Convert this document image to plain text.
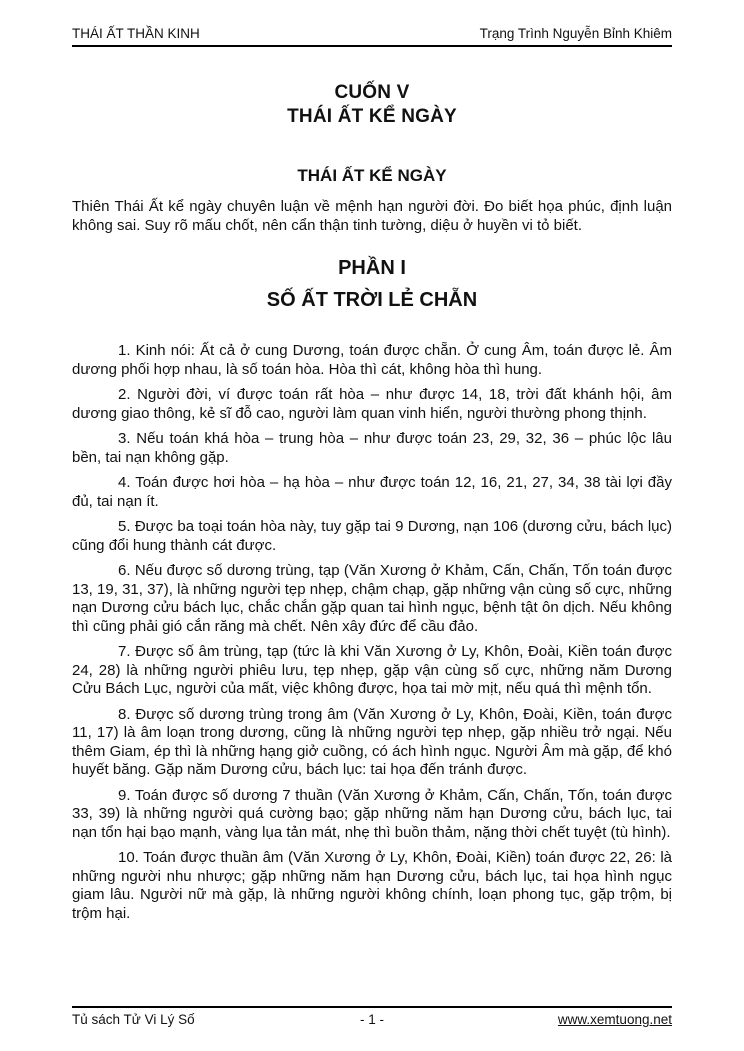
THÁI ẤT THẦN KINH	Trạng Trình Nguyễn Bỉnh Khiêm
CUỐN V
THÁI ẤT KỂ NGÀY
THÁI ẤT KỂ NGÀY
Thiên Thái Ất kể ngày chuyên luận về mệnh hạn người đời. Đo biết họa phúc, định luận không sai. Suy rõ mấu chốt, nên cẩn thận tinh tường, diệu ở huyền vi tỏ biết.
PHẦN I
SỐ ẤT TRỜI LẺ CHẴN

1. Kinh nói: Ất cả ở cung Dương, toán được chẵn. Ở cung Âm, toán được lẻ. Âm dương phối hợp nhau, là số toán hòa. Hòa thì cát, không hòa thì hung.

2. Người đời, ví được toán rất hòa – như được 14, 18, trời đất khánh hội, âm dương giao thông, kẻ sĩ đỗ cao, người làm quan vinh hiển, người thường phong thịnh.

3. Nếu toán khá hòa – trung hòa – như được toán 23, 29, 32, 36 – phúc lộc lâu bền, tai nạn không gặp.

4. Toán được hơi hòa – hạ hòa – như được toán 12, 16, 21, 27, 34, 38 tài lợi đầy đủ, tai nạn ít.

5. Được ba toại toán hòa này, tuy gặp tai 9 Dương, nạn 106 (dương cửu, bách lục) cũng đổi hung thành cát được.

6. Nếu được số dương trùng, tạp (Văn Xương ở Khảm, Cấn, Chấn, Tốn toán được 13, 19, 31, 37), là những người tẹp nhẹp, chậm chạp, gặp những vận cùng số cực, những nạn Dương cửu bách lục, chắc chắn gặp quan tai hình ngục, bệnh tật ôn dịch. Nếu không thì cũng phải gió cắn răng mà chết. Nên xây đức để cầu đảo.

7. Được số âm trùng, tạp (tức là khi Văn Xương ở Ly, Khôn, Đoài, Kiền toán được 24, 28) là những người phiêu lưu, tẹp nhẹp, gặp vận cùng số cực, những năm Dương Cửu Bách Lục, người của mất, việc không được, họa tai mờ mịt, nếu quá thì mệnh tổn.

8. Được số dương trùng trong âm (Văn Xương ở Ly, Khôn, Đoài, Kiền, toán được 11, 17) là âm loạn trong dương, cũng là những người tẹp nhẹp, gặp nhiều trở ngại. Nếu thêm Giam, ép thì là những hạng giở cuồng, có ách hình ngục. Người Âm mà gặp, để khó huyết băng. Gặp năm Dương cửu, bách lục: tai họa đến tránh được.

9. Toán được số dương 7 thuần (Văn Xương ở Khảm, Cấn, Chấn, Tốn, toán được 33, 39) là những người quá cường bạo; gặp những năm hạn Dương cửu, bách lục, tai nạn tổn hại bạo mạnh, vàng lụa tản mát, nhẹ thì buồn thảm, nặng thời chết tuyệt (tù hình).

10. Toán được thuần âm (Văn Xương ở Ly, Khôn, Đoài, Kiền) toán được 22, 26: là những người nhu nhược; gặp những năm hạn Dương cửu, bách lục, tai họa hình ngục giam lâu. Người nữ mà gặp, là những người không chính, loạn phong tục, gặp trộm, bị trộm hại.

Tủ sách Tử Vi Lý Số	- 1 -	www.xemtuong.net
